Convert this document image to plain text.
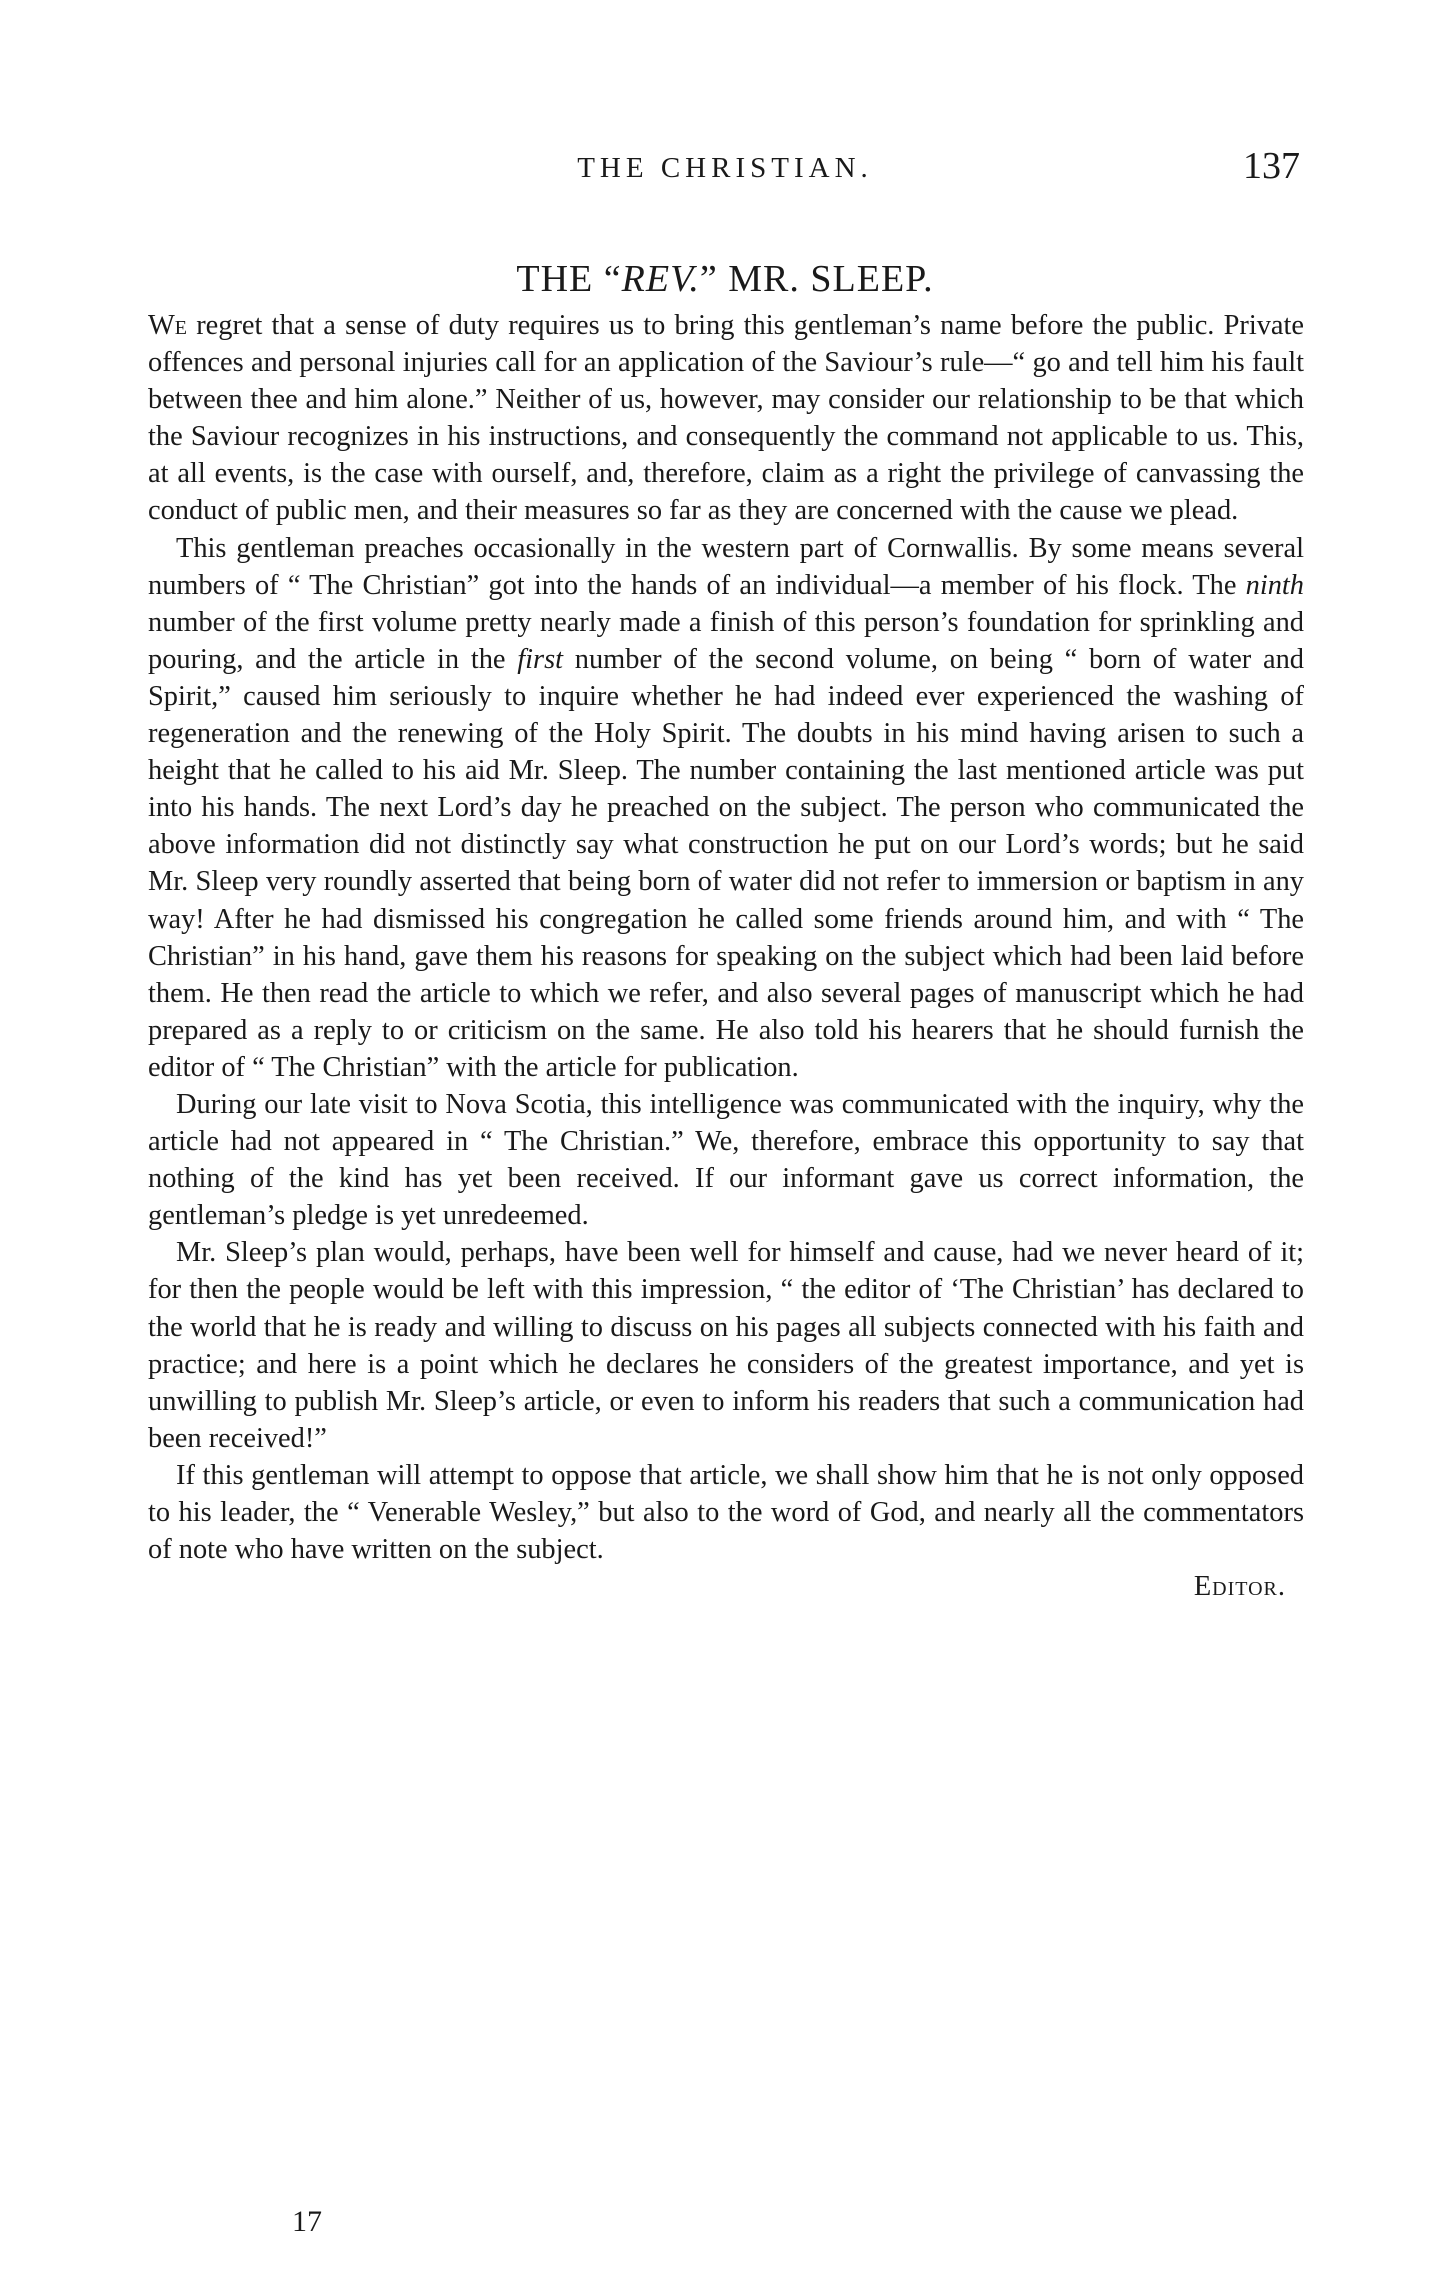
THE CHRISTIAN.	137
THE “REV.” MR. SLEEP.

We regret that a sense of duty requires us to bring this gentleman’s name before the public. Private offences and personal injuries call for an application of the Saviour’s rule—“ go and tell him his fault between thee and him alone.” Neither of us, however, may consider our relationship to be that which the Saviour recognizes in his instructions, and consequently the command not applicable to us. This, at all events, is the case with ourself, and, therefore, claim as a right the privilege of canvassing the conduct of public men, and their measures so far as they are concerned with the cause we plead.

This gentleman preaches occasionally in the western part of Cornwallis. By some means several numbers of “ The Christian” got into the hands of an individual—a member of his flock. The ninth number of the first volume pretty nearly made a finish of this person’s foundation for sprinkling and pouring, and the article in the first number of the second volume, on being “ born of water and Spirit,” caused him seriously to inquire whether he had indeed ever experienced the washing of regeneration and the renewing of the Holy Spirit. The doubts in his mind having arisen to such a height that he called to his aid Mr. Sleep. The number containing the last mentioned article was put into his hands. The next Lord’s day he preached on the subject. The person who communicated the above information did not distinctly say what construction he put on our Lord’s words; but he said Mr. Sleep very roundly asserted that being born of water did not refer to immersion or baptism in any way! After he had dismissed his congregation he called some friends around him, and with “ The Christian” in his hand, gave them his reasons for speaking on the subject which had been laid before them. He then read the article to which we refer, and also several pages of manuscript which he had prepared as a reply to or criticism on the same. He also told his hearers that he should furnish the editor of “ The Christian” with the article for publication.

During our late visit to Nova Scotia, this intelligence was communicated with the inquiry, why the article had not appeared in “ The Christian.” We, therefore, embrace this opportunity to say that nothing of the kind has yet been received. If our informant gave us correct information, the gentleman’s pledge is yet unredeemed.

Mr. Sleep’s plan would, perhaps, have been well for himself and cause, had we never heard of it; for then the people would be left with this impression, “ the editor of ‘The Christian’ has declared to the world that he is ready and willing to discuss on his pages all subjects connected with his faith and practice; and here is a point which he declares he considers of the greatest importance, and yet is unwilling to publish Mr. Sleep’s article, or even to inform his readers that such a communication had been received!”

If this gentleman will attempt to oppose that article, we shall show him that he is not only opposed to his leader, the “ Venerable Wesley,” but also to the word of God, and nearly all the commentators of note who have written on the subject.

Editor.
17
